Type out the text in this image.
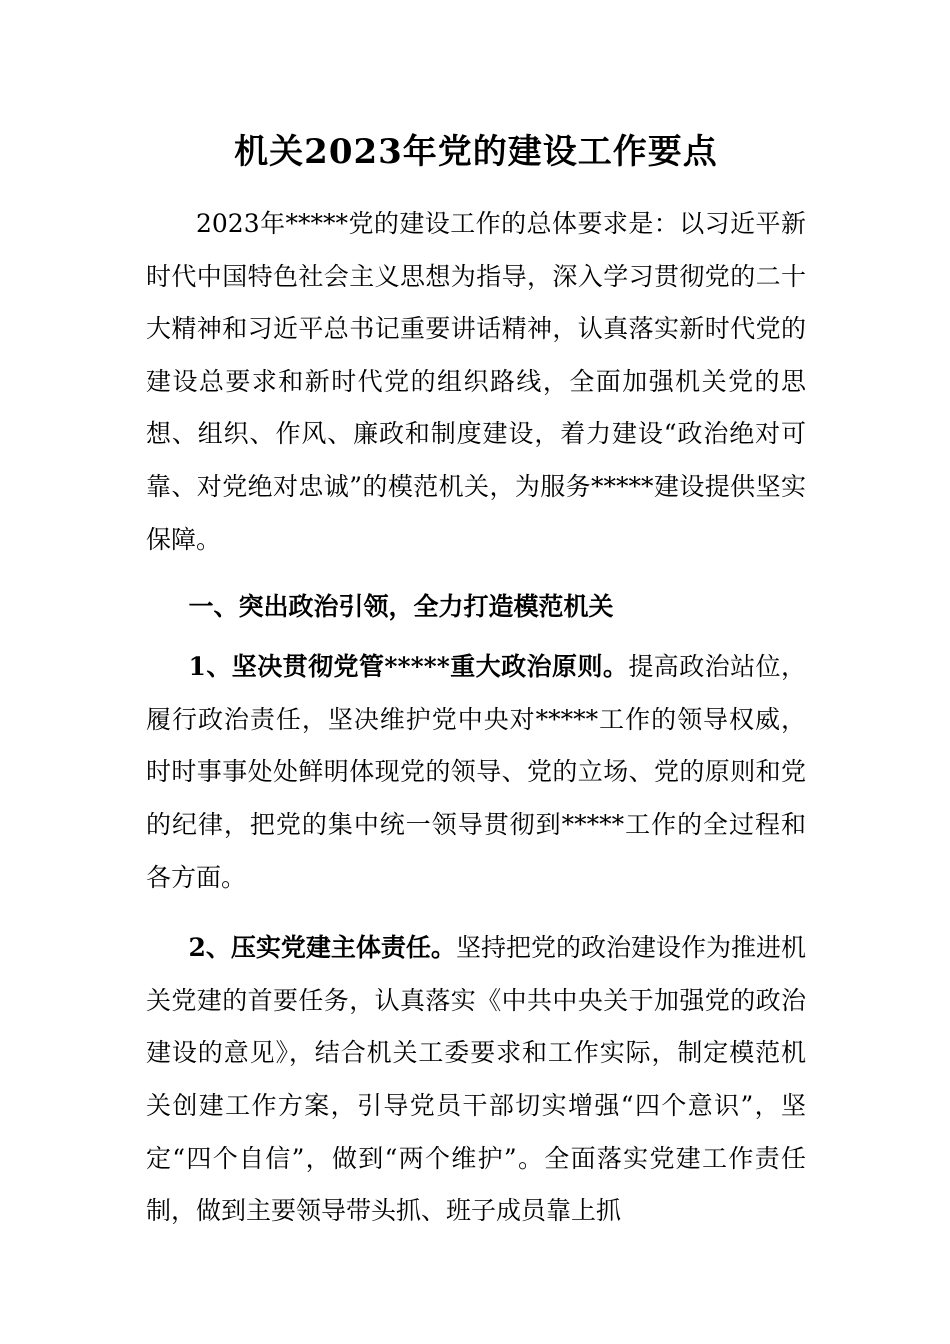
机关2023年党的建设工作要点

2023年*****党的建设工作的总体要求是：以习近平新时代中国特色社会主义思想为指导，深入学习贯彻党的二十大精神和习近平总书记重要讲话精神，认真落实新时代党的建设总要求和新时代党的组织路线，全面加强机关党的思想、组织、作风、廉政和制度建设，着力建设“政治绝对可靠、对党绝对忠诚”的模范机关，为服务*****建设提供坚实保障。

一、突出政治引领，全力打造模范机关

1、坚决贯彻党管*****重大政治原则。提高政治站位，履行政治责任，坚决维护党中央对*****工作的领导权威，时时事事处处鲜明体现党的领导、党的立场、党的原则和党的纪律，把党的集中统一领导贯彻到*****工作的全过程和各方面。

2、压实党建主体责任。坚持把党的政治建设作为推进机关党建的首要任务，认真落实《中共中央关于加强党的政治建设的意见》，结合机关工委要求和工作实际，制定模范机关创建工作方案，引导党员干部切实增强“四个意识”，坚定“四个自信”，做到“两个维护”。全面落实党建工作责任制，做到主要领导带头抓、班子成员靠上抓
